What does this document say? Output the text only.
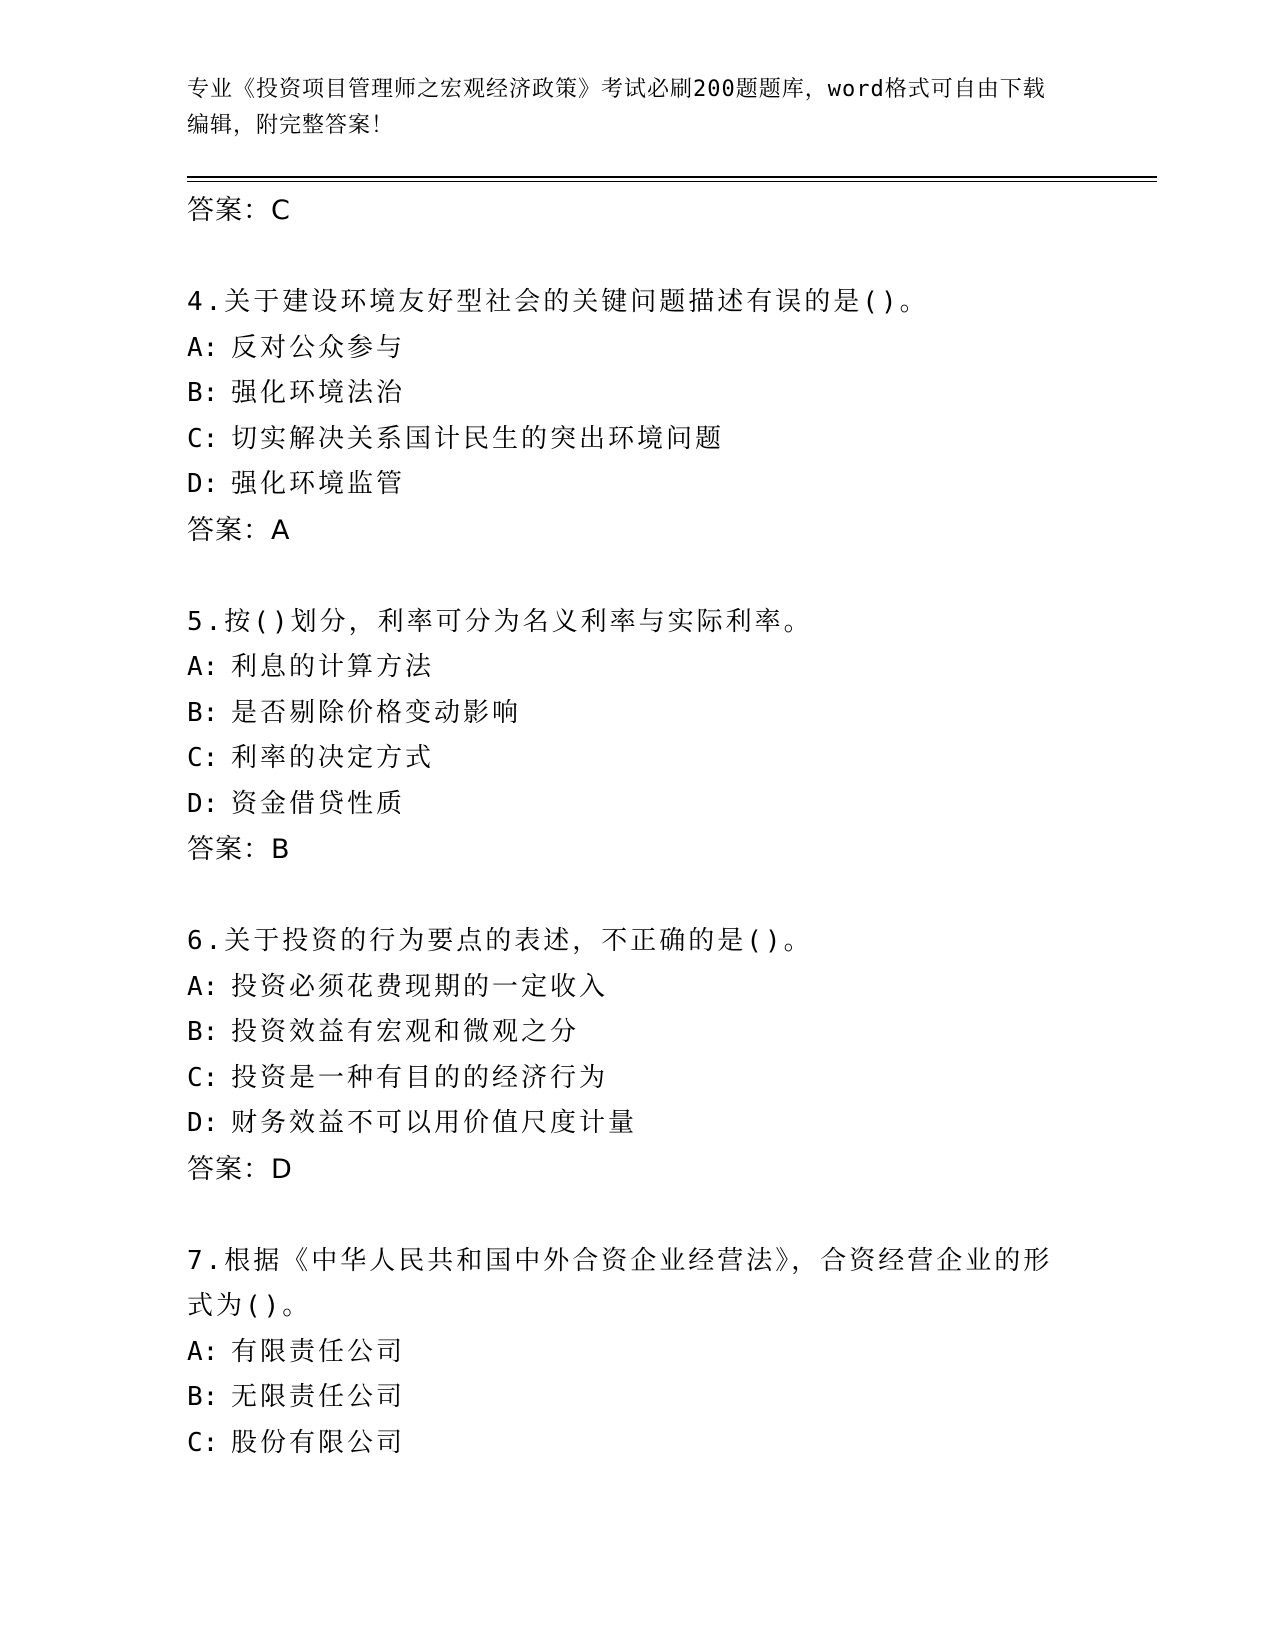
专业《投资项目管理师之宏观经济政策》考试必刷200题题库，word格式可自由下载编辑，附完整答案！
答案：C
4.关于建设环境友好型社会的关键问题描述有误的是()。
A: 反对公众参与
B: 强化环境法治
C: 切实解决关系国计民生的突出环境问题
D: 强化环境监管
答案：A
5.按()划分，利率可分为名义利率与实际利率。
A: 利息的计算方法
B: 是否剔除价格变动影响
C: 利率的决定方式
D: 资金借贷性质
答案：B
6.关于投资的行为要点的表述，不正确的是()。
A: 投资必须花费现期的一定收入
B: 投资效益有宏观和微观之分
C: 投资是一种有目的的经济行为
D: 财务效益不可以用价值尺度计量
答案：D
7.根据《中华人民共和国中外合资企业经营法》，合资经营企业的形式为()。
A: 有限责任公司
B: 无限责任公司
C: 股份有限公司
